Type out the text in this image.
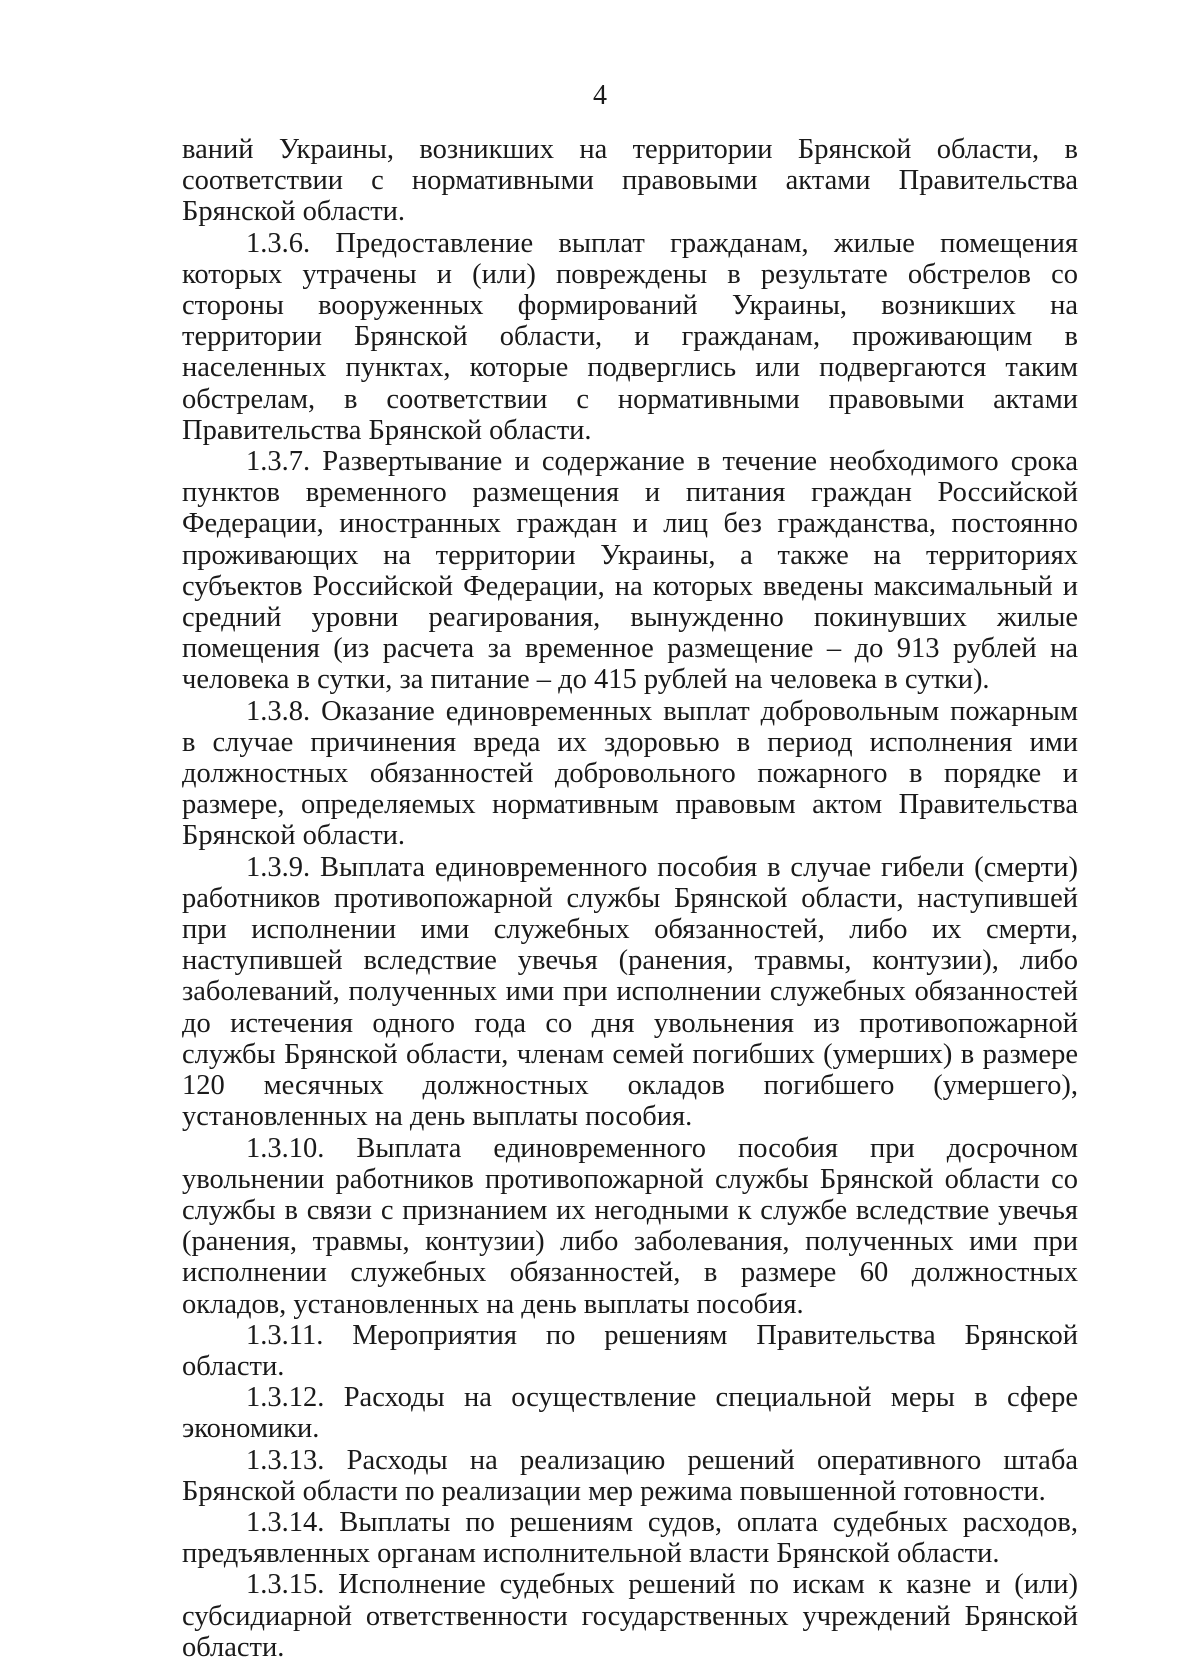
4

ваний Украины, возникших на территории Брянской области, в соответствии с нормативными правовыми актами Правительства Брянской области.

1.3.6. Предоставление выплат гражданам, жилые помещения которых утрачены и (или) повреждены в результате обстрелов со стороны вооруженных формирований Украины, возникших на территории Брянской области, и гражданам, проживающим в населенных пунктах, которые подверглись или подвергаются таким обстрелам, в соответствии с нормативными правовыми актами Правительства Брянской области.

1.3.7. Развертывание и содержание в течение необходимого срока пунктов временного размещения и питания граждан Российской Федерации, иностранных граждан и лиц без гражданства, постоянно проживающих на территории Украины, а также на территориях субъектов Российской Федерации, на которых введены максимальный и средний уровни реагирования, вынужденно покинувших жилые помещения (из расчета за временное размещение – до 913 рублей на человека в сутки, за питание – до 415 рублей на человека в сутки).

1.3.8. Оказание единовременных выплат добровольным пожарным в случае причинения вреда их здоровью в период исполнения ими должностных обязанностей добровольного пожарного в порядке и размере, определяемых нормативным правовым актом Правительства Брянской области.

1.3.9. Выплата единовременного пособия в случае гибели (смерти) работников противопожарной службы Брянской области, наступившей при исполнении ими служебных обязанностей, либо их смерти, наступившей вследствие увечья (ранения, травмы, контузии), либо заболеваний, полученных ими при исполнении служебных обязанностей до истечения одного года со дня увольнения из противопожарной службы Брянской области, членам семей погибших (умерших) в размере 120 месячных должностных окладов погибшего (умершего), установленных на день выплаты пособия.

1.3.10. Выплата единовременного пособия при досрочном увольнении работников противопожарной службы Брянской области со службы в связи с признанием их негодными к службе вследствие увечья (ранения, травмы, контузии) либо заболевания, полученных ими при исполнении служебных обязанностей, в размере 60 должностных окладов, установленных на день выплаты пособия.

1.3.11. Мероприятия по решениям Правительства Брянской области.

1.3.12. Расходы на осуществление специальной меры в сфере экономики.

1.3.13. Расходы на реализацию решений оперативного штаба Брянской области по реализации мер режима повышенной готовности.

1.3.14. Выплаты по решениям судов, оплата судебных расходов, предъявленных органам исполнительной власти Брянской области.

1.3.15. Исполнение судебных решений по искам к казне и (или) субсидиарной ответственности государственных учреждений Брянской области.
